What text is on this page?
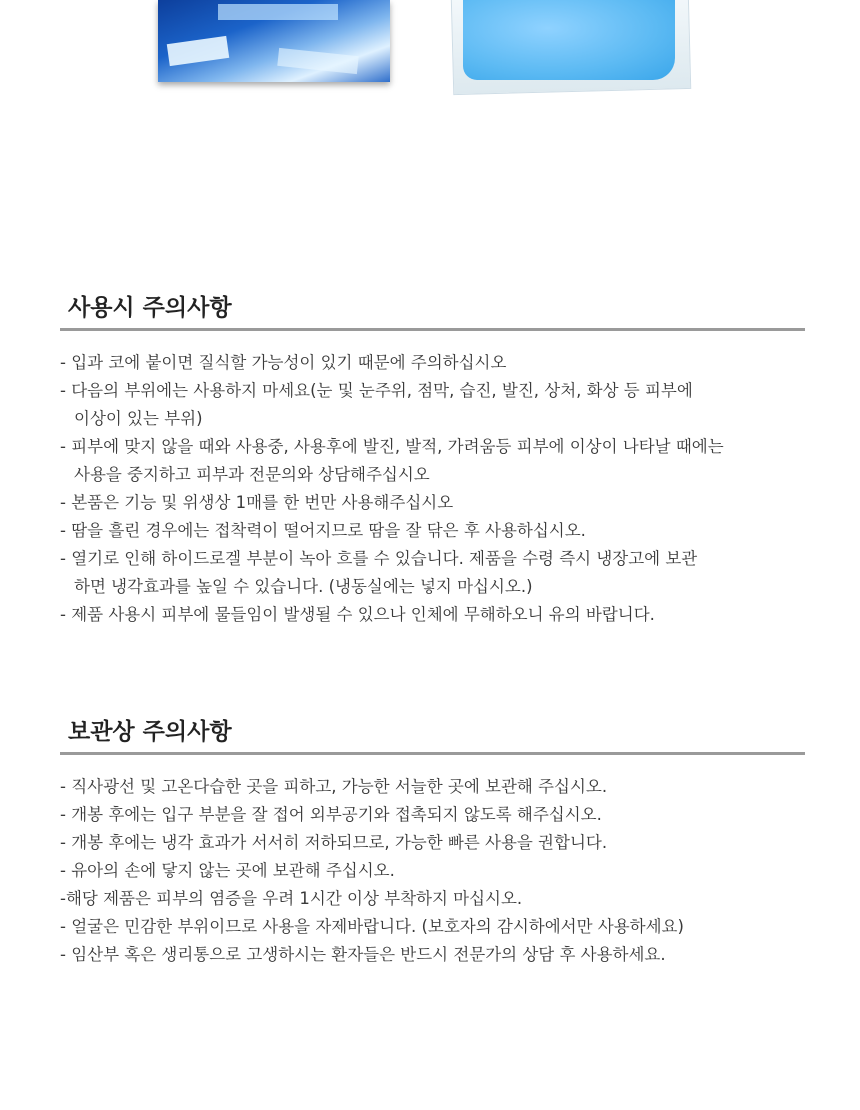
사용시 주의사항
- 입과 코에 붙이면 질식할 가능성이 있기 때문에 주의하십시오
- 다음의 부위에는 사용하지 마세요(눈 및 눈주위, 점막, 습진, 발진, 상처, 화상 등 피부에
이상이 있는 부위)
- 피부에 맞지 않을 때와 사용중, 사용후에 발진, 발적, 가려움등 피부에 이상이 나타날 때에는
사용을 중지하고 피부과 전문의와 상담해주십시오
- 본품은 기능 및 위생상 1매를 한 번만 사용해주십시오
- 땀을 흘린 경우에는 접착력이 떨어지므로 땀을 잘 닦은 후 사용하십시오.
- 열기로 인해 하이드로겔 부분이 녹아 흐를 수 있습니다. 제품을 수령 즉시 냉장고에 보관
하면 냉각효과를 높일 수 있습니다. (냉동실에는 넣지 마십시오.)
- 제품 사용시 피부에 물들임이 발생될 수 있으나 인체에 무해하오니 유의 바랍니다.
보관상 주의사항
- 직사광선 및 고온다습한 곳을 피하고, 가능한 서늘한 곳에 보관해 주십시오.
- 개봉 후에는 입구 부분을 잘 접어 외부공기와 접촉되지 않도록 해주십시오.
- 개봉 후에는 냉각 효과가 서서히 저하되므로, 가능한 빠른 사용을 권합니다.
- 유아의 손에 닿지 않는 곳에 보관해 주십시오.
-해당 제품은 피부의 염증을 우려 1시간 이상 부착하지 마십시오.
- 얼굴은 민감한 부위이므로 사용을 자제바랍니다. (보호자의 감시하에서만 사용하세요)
- 임산부 혹은 생리통으로 고생하시는 환자들은 반드시 전문가의 상담 후 사용하세요.
